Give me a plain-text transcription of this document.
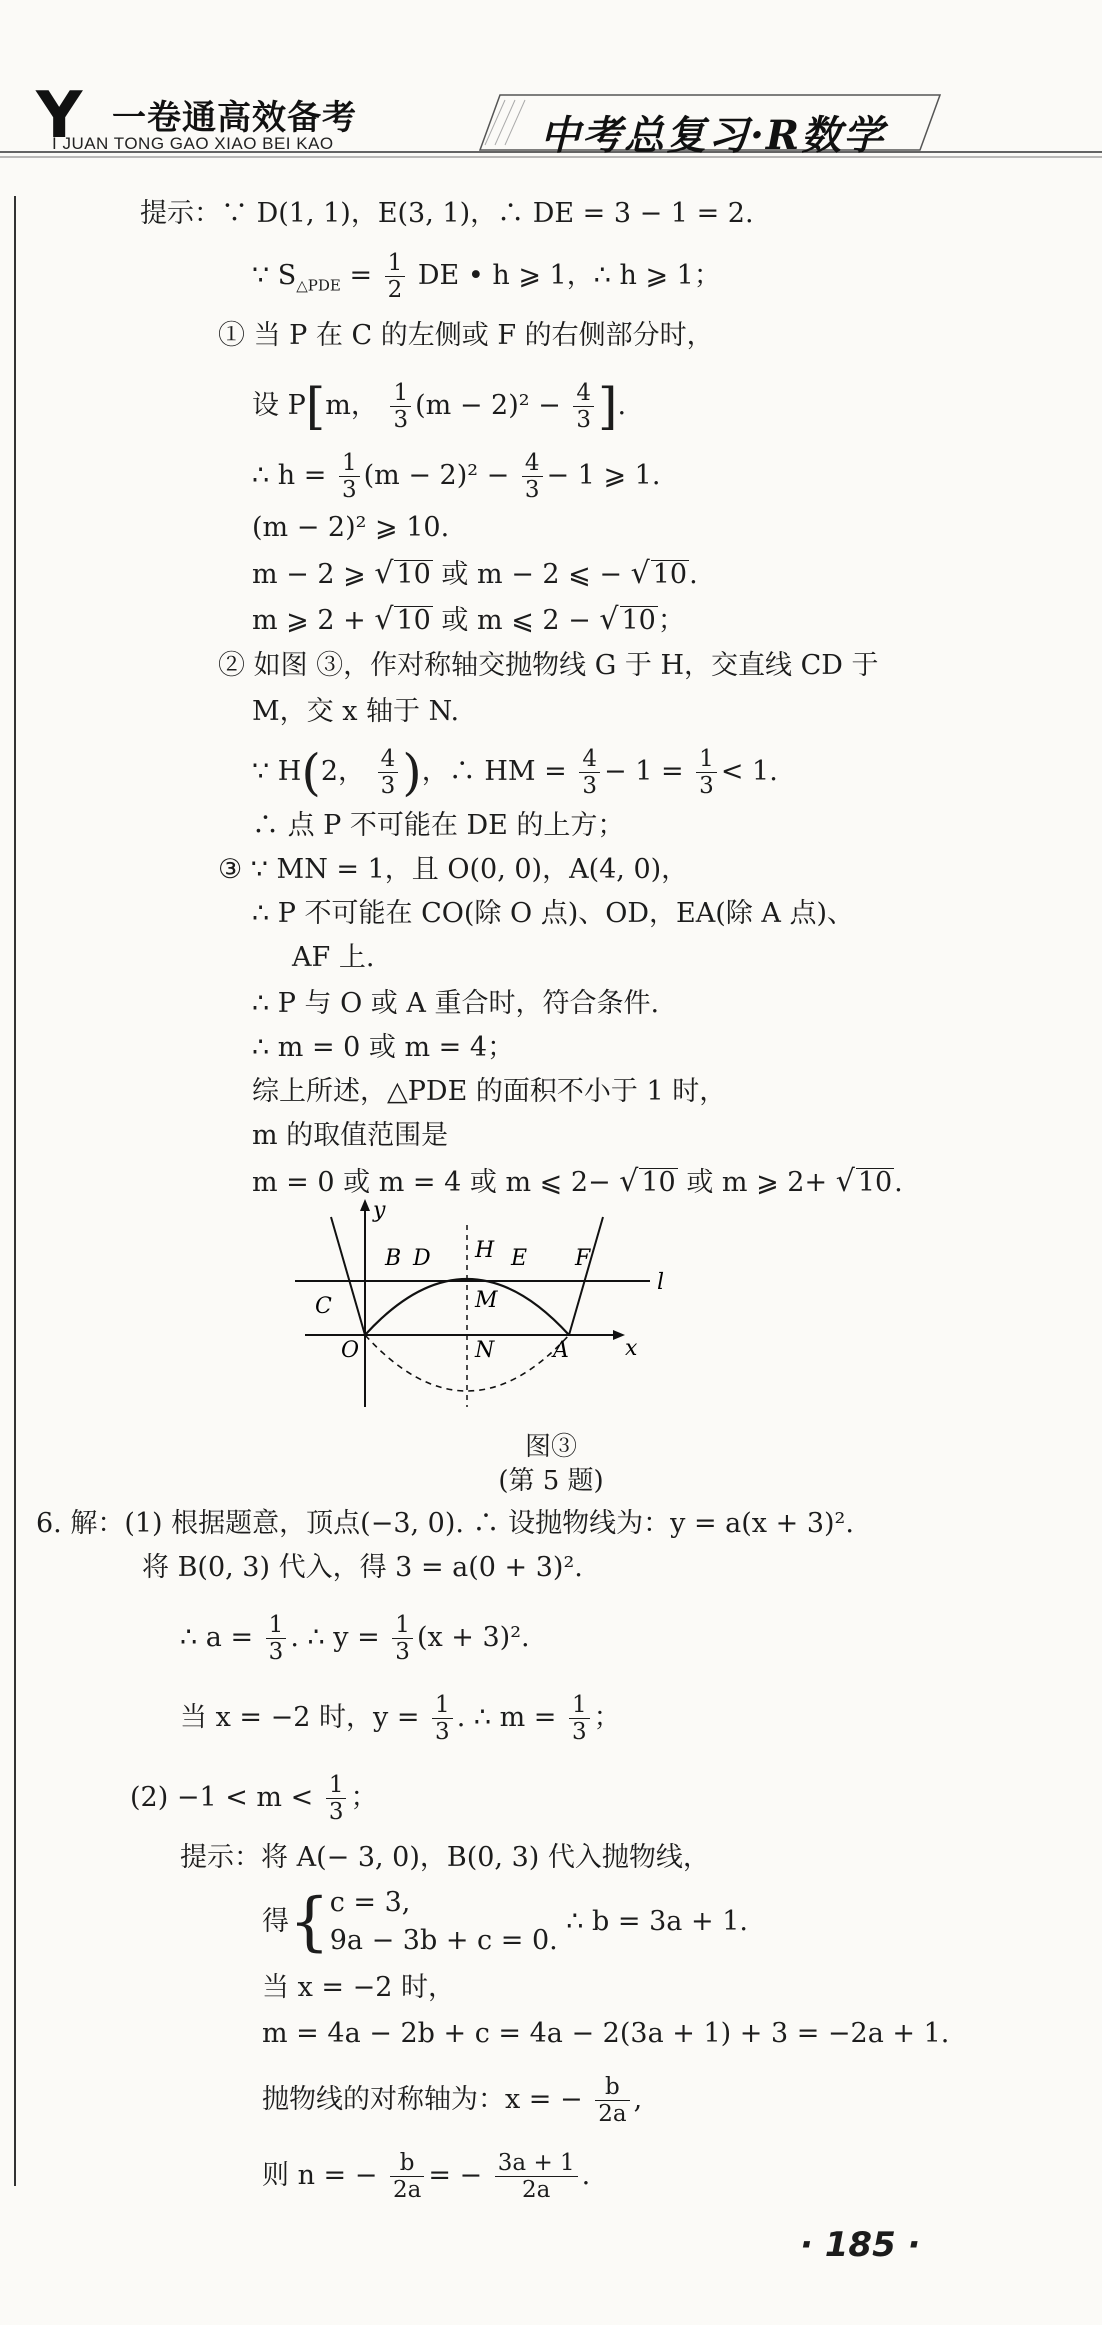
Y 一卷通高效备考
I JUAN TONG GAO XIAO BEI KAO	中考总复习·R数学
提示：∵ D(1, 1)，E(3, 1)，∴ DE = 3 − 1 = 2.
∵ $S_{\triangle PDE} = \frac{1}{2}$ DE • h ⩾ 1，∴ h ⩾ 1；
① 当 P 在 C 的左侧或 F 的右侧部分时，
设 P[m， $\frac{1}{3} (m - 2)^2 - \frac{4}{3}$ ].
∴ $h = \frac{1}{3} (m - 2)^2 - \frac{4}{3} - 1$ ⩾ 1.
(m − 2)² ⩾ 10.
m − 2 ⩾ √ 10 或 m − 2 ⩽ − √ 10.
m ⩾ 2 + √ 10 或 m ⩽ 2 − √ 10；
② 如图 ③，作对称轴交抛物线 G 于 H，交直线 CD 于
M，交 x 轴于 N.
∵ H(2， $\frac{4}{3}$ )，∴ HM = $\frac{4}{3} - 1 = \frac{1}{3} < 1$.
∴ 点 P 不可能在 DE 的上方；
③ ∵ MN = 1，且 O(0, 0)，A(4, 0)，
∴ P 不可能在 CO(除 O 点)、OD，EA(除 A 点)、
AF 上.
∴ P 与 O 或 A 重合时，符合条件.
∴ m = 0 或 m = 4；
综上所述，△PDE 的面积不小于 1 时，
m 的取值范围是
m = 0 或 m = 4 或 m ⩽ 2− √ 10 或 m ⩾ 2+ √ 10.
y
x
l
B D H E F
C	M
O	N	A
图③
(第 5 题)
6. 解：(1) 根据题意，顶点(−3, 0). ∴ 设抛物线为：y = a(x + 3)².
将 B(0, 3) 代入，得 3 = a(0 + 3)².
∴ $a = \frac{1}{3}$ . ∴ $y = \frac{1}{3} (x + 3)^2$.
当 x = −2 时，$y = \frac{1}{3}$ . ∴ $m = \frac{1}{3}$ ；
$(2) -1 < m < \frac{1}{3}$ ；
提示：将 A(− 3, 0)，B(0, 3) 代入抛物线，
得{ c = 3,
9a − 3b + c = 0.
∴ b = 3a + 1.
当 x = −2 时，
m = 4a − 2b + c = 4a − 2(3a + 1) + 3 = −2a + 1.
抛物线的对称轴为：x = − $\frac{b}{2a}$ ,
则 n = − $\frac{b}{2a}$ = − $\frac{3a + 1}{2a}$ .
· 185 ·
